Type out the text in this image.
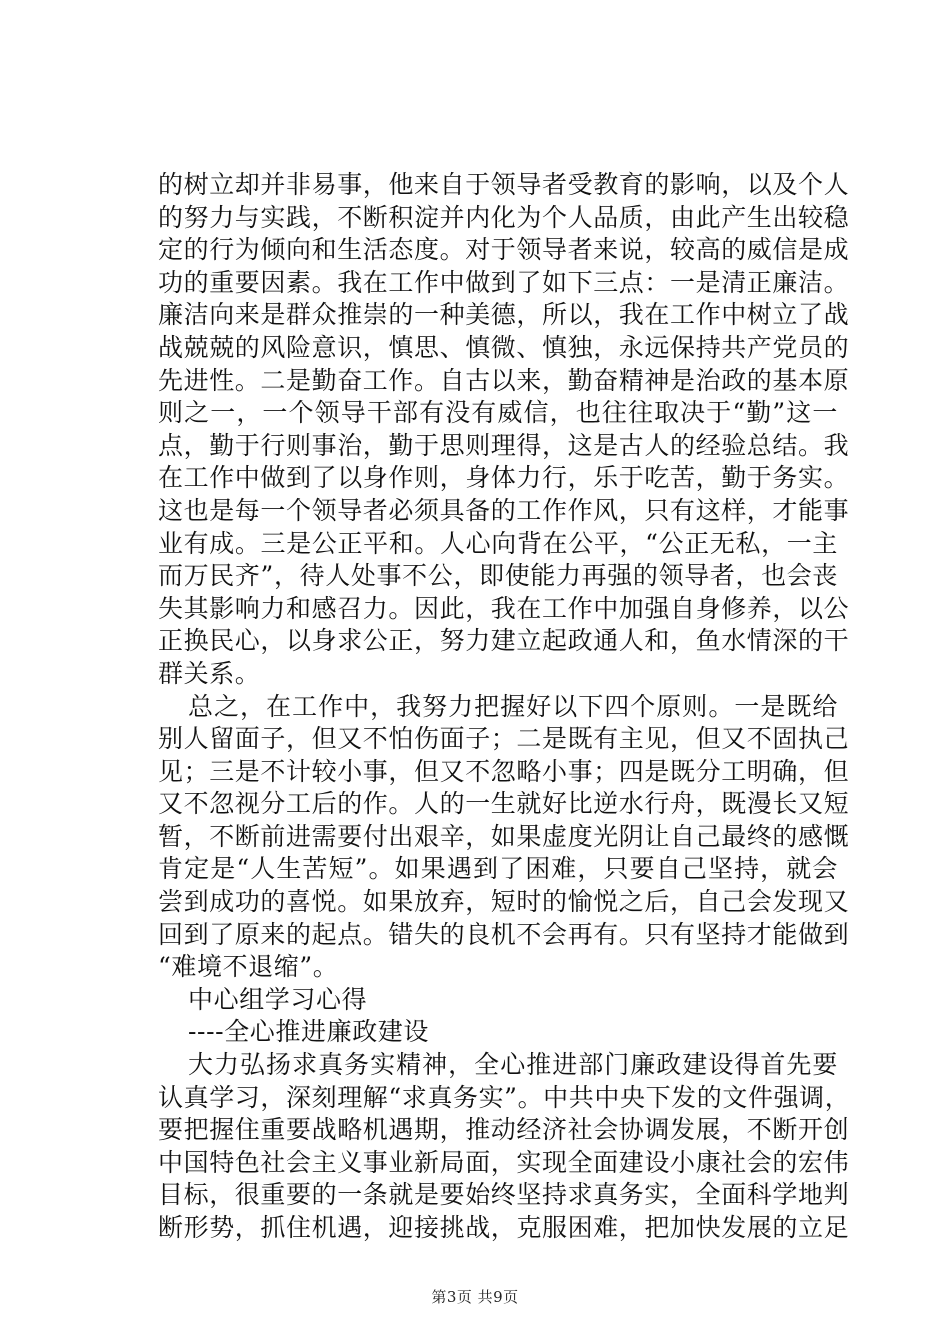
的树立却并非易事，他来自于领导者受教育的影响，以及个人
的努力与实践，不断积淀并内化为个人品质，由此产生出较稳
定的行为倾向和生活态度。对于领导者来说，较高的威信是成
功的重要因素。我在工作中做到了如下三点：一是清正廉洁。
廉洁向来是群众推崇的一种美德，所以，我在工作中树立了战
战兢兢的风险意识，慎思、慎微、慎独，永远保持共产党员的
先进性。二是勤奋工作。自古以来，勤奋精神是治政的基本原
则之一，一个领导干部有没有威信，也往往取决于“勤”这一
点，勤于行则事治，勤于思则理得，这是古人的经验总结。我
在工作中做到了以身作则，身体力行，乐于吃苦，勤于务实。
这也是每一个领导者必须具备的工作作风，只有这样，才能事
业有成。三是公正平和。人心向背在公平，“公正无私，一主
而万民齐”，待人处事不公，即使能力再强的领导者，也会丧
失其影响力和感召力。因此，我在工作中加强自身修养，以公
正换民心，以身求公正，努力建立起政通人和，鱼水情深的干
群关系。
总之，在工作中，我努力把握好以下四个原则。一是既给
别人留面子，但又不怕伤面子；二是既有主见，但又不固执己
见；三是不计较小事，但又不忽略小事；四是既分工明确，但
又不忽视分工后的作。人的一生就好比逆水行舟，既漫长又短
暂，不断前进需要付出艰辛，如果虚度光阴让自己最终的感慨
肯定是“人生苦短”。如果遇到了困难，只要自己坚持，就会
尝到成功的喜悦。如果放弃，短时的愉悦之后，自己会发现又
回到了原来的起点。错失的良机不会再有。只有坚持才能做到
“难境不退缩”。
中心组学习心得
----全心推进廉政建设
大力弘扬求真务实精神，全心推进部门廉政建设得首先要
认真学习，深刻理解“求真务实”。中共中央下发的文件强调，
要把握住重要战略机遇期，推动经济社会协调发展，不断开创
中国特色社会主义事业新局面，实现全面建设小康社会的宏伟
目标，很重要的一条就是要始终坚持求真务实，全面科学地判
断形势，抓住机遇，迎接挑战，克服困难，把加快发展的立足
第3页 共9页
